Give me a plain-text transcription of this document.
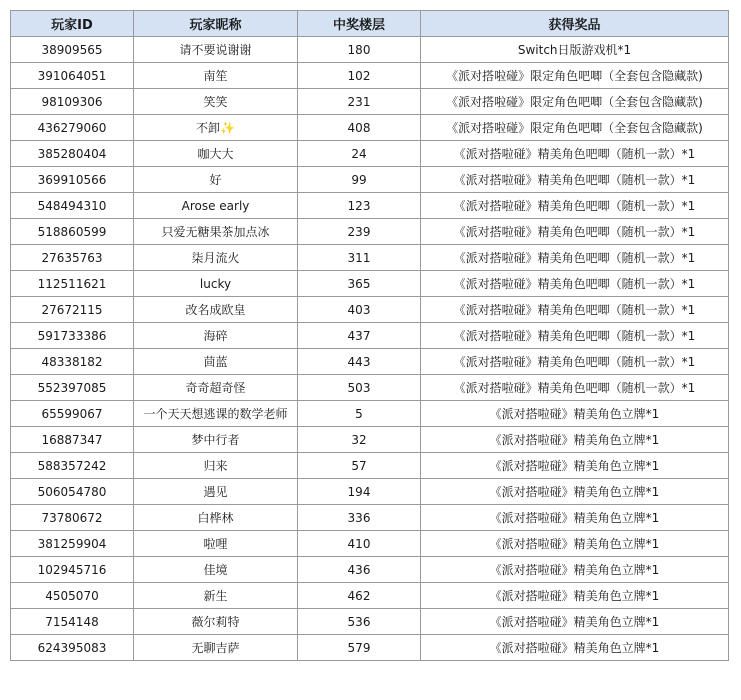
玩家ID	玩家昵称	中奖楼层	获得奖品
38909565	请不要说谢谢	180	Switch日版游戏机*1
391064051	南笙	102	《派对搭啦碰》限定角色吧唧（全套包含隐藏款)
98109306	笑笑	231	《派对搭啦碰》限定角色吧唧（全套包含隐藏款)
436279060	不卸✨	408	《派对搭啦碰》限定角色吧唧（全套包含隐藏款)
385280404	咖大大	24	《派对搭啦碰》精美角色吧唧（随机一款）*1
369910566	好	99	《派对搭啦碰》精美角色吧唧（随机一款）*1
548494310	Arose early	123	《派对搭啦碰》精美角色吧唧（随机一款）*1
518860599	只爱无糖果茶加点冰	239	《派对搭啦碰》精美角色吧唧（随机一款）*1
27635763	柒月流火	311	《派对搭啦碰》精美角色吧唧（随机一款）*1
112511621	lucky	365	《派对搭啦碰》精美角色吧唧（随机一款）*1
27672115	改名成欧皇	403	《派对搭啦碰》精美角色吧唧（随机一款）*1
591733386	海碎	437	《派对搭啦碰》精美角色吧唧（随机一款）*1
48338182	茴蓝	443	《派对搭啦碰》精美角色吧唧（随机一款）*1
552397085	奇奇超奇怪	503	《派对搭啦碰》精美角色吧唧（随机一款）*1
65599067	一个天天想逃课的数学老师	5	《派对搭啦碰》精美角色立牌*1
16887347	梦中行者	32	《派对搭啦碰》精美角色立牌*1
588357242	归来	57	《派对搭啦碰》精美角色立牌*1
506054780	遇见	194	《派对搭啦碰》精美角色立牌*1
73780672	白桦林	336	《派对搭啦碰》精美角色立牌*1
381259904	啦哩	410	《派对搭啦碰》精美角色立牌*1
102945716	佳境	436	《派对搭啦碰》精美角色立牌*1
4505070	新生	462	《派对搭啦碰》精美角色立牌*1
7154148	薇尔莉特	536	《派对搭啦碰》精美角色立牌*1
624395083	无聊吉萨	579	《派对搭啦碰》精美角色立牌*1
